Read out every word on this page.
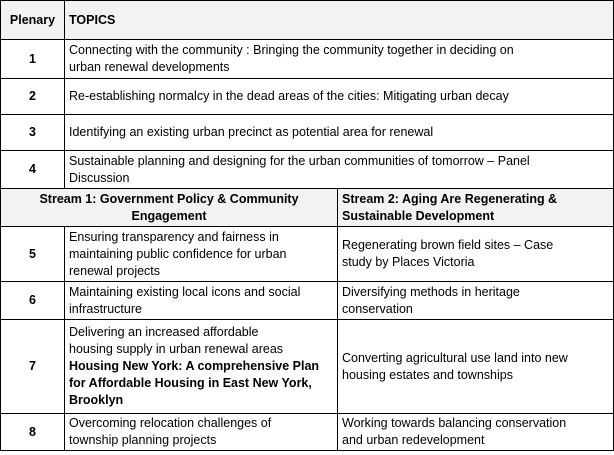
Plenary	TOPICS	
1	Connecting with the community : Bringing the community together in deciding on
urban renewal developments	

2	Re-establishing normalcy in the dead areas of the cities: Mitigating urban decay	

3	Identifying an existing urban precinct as potential area for renewal	

4	Sustainable planning and designing for the urban communities of tomorrow – Panel
Discussion	

Stream 1: Government Policy & Community
Engagement		Stream 2: Aging Are Regenerating &
Sustainable Development

5	Ensuring transparency and fairness in
maintaining public confidence for urban
renewal projects	Regenerating brown field sites – Case
study by Places Victoria

6	Maintaining existing local icons and social
infrastructure	Diversifying methods in heritage
conservation

7	Delivering an increased affordable
housing supply in urban renewal areas
Housing New York: A comprehensive Plan
for Affordable Housing in East New York,
Brooklyn	Converting agricultural use land into new
housing estates and townships

8	Overcoming relocation challenges of
township planning projects	Working towards balancing conservation
and urban redevelopment
